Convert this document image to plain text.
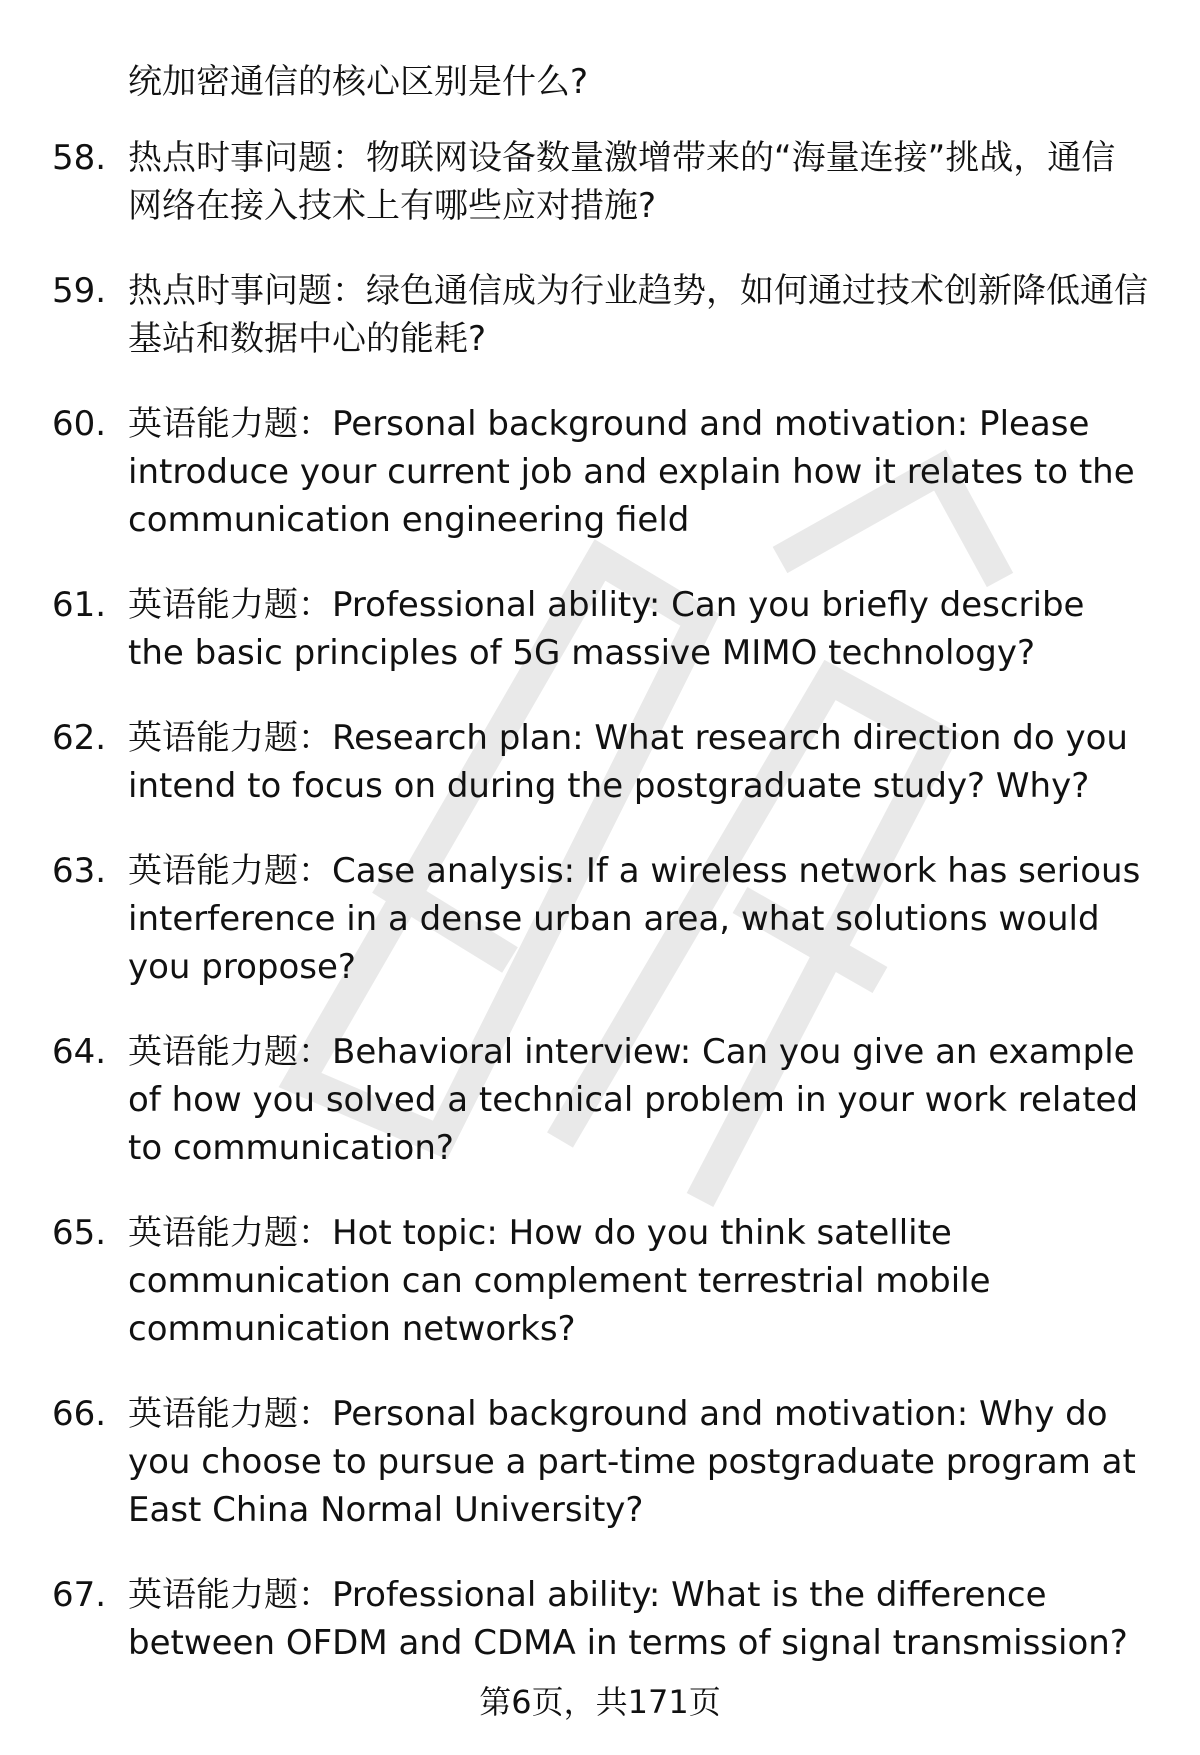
统加密通信的核心区别是什么?
58. 热点时事问题：物联网设备数量激增带来的“海量连接”挑战，通信网络在接入技术上有哪些应对措施?
59. 热点时事问题：绿色通信成为行业趋势，如何通过技术创新降低通信基站和数据中心的能耗?
60. 英语能力题：Personal background and motivation: Please introduce your current job and explain how it relates to the communication engineering field
61. 英语能力题：Professional ability: Can you briefly describe the basic principles of 5G massive MIMO technology?
62. 英语能力题：Research plan: What research direction do you intend to focus on during the postgraduate study? Why?
63. 英语能力题：Case analysis: If a wireless network has serious interference in a dense urban area, what solutions would you propose?
64. 英语能力题：Behavioral interview: Can you give an example of how you solved a technical problem in your work related to communication?
65. 英语能力题：Hot topic: How do you think satellite communication can complement terrestrial mobile communication networks?
66. 英语能力题：Personal background and motivation: Why do you choose to pursue a part-time postgraduate program at East China Normal University?
67. 英语能力题：Professional ability: What is the difference between OFDM and CDMA in terms of signal transmission?
第6页，共171页
